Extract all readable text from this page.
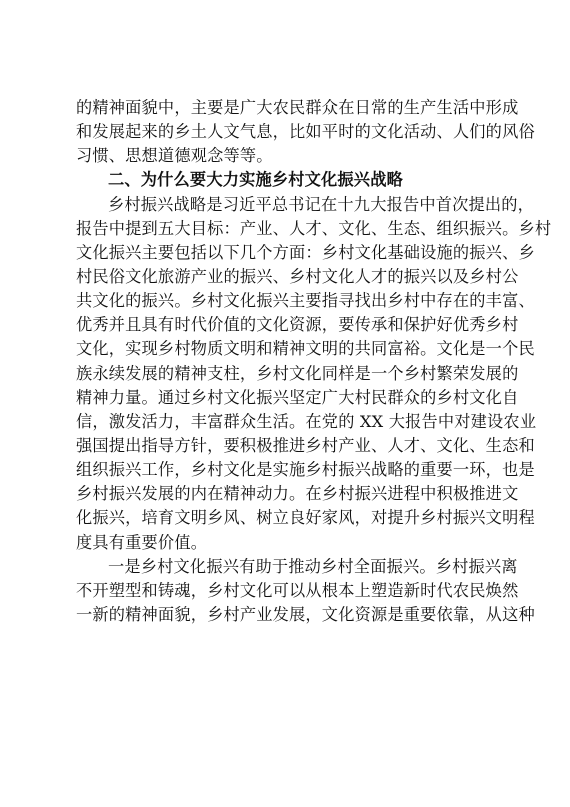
的精神面貌中，主要是广大农民群众在日常的生产生活中形成
和发展起来的乡土人文气息，比如平时的文化活动、人们的风俗
习惯、思想道德观念等等。
二、为什么要大力实施乡村文化振兴战略
乡村振兴战略是习近平总书记在十九大报告中首次提出的，
报告中提到五大目标：产业、人才、文化、生态、组织振兴。乡村
文化振兴主要包括以下几个方面：乡村文化基础设施的振兴、乡
村民俗文化旅游产业的振兴、乡村文化人才的振兴以及乡村公
共文化的振兴。乡村文化振兴主要指寻找出乡村中存在的丰富、
优秀并且具有时代价值的文化资源，要传承和保护好优秀乡村
文化，实现乡村物质文明和精神文明的共同富裕。文化是一个民
族永续发展的精神支柱，乡村文化同样是一个乡村繁荣发展的
精神力量。通过乡村文化振兴坚定广大村民群众的乡村文化自
信，激发活力，丰富群众生活。在党的 XX 大报告中对建设农业
强国提出指导方针，要积极推进乡村产业、人才、文化、生态和
组织振兴工作，乡村文化是实施乡村振兴战略的重要一环，也是
乡村振兴发展的内在精神动力。在乡村振兴进程中积极推进文
化振兴，培育文明乡风、树立良好家风，对提升乡村振兴文明程
度具有重要价值。
一是乡村文化振兴有助于推动乡村全面振兴。乡村振兴离
不开塑型和铸魂，乡村文化可以从根本上塑造新时代农民焕然
一新的精神面貌，乡村产业发展，文化资源是重要依靠，从这种
